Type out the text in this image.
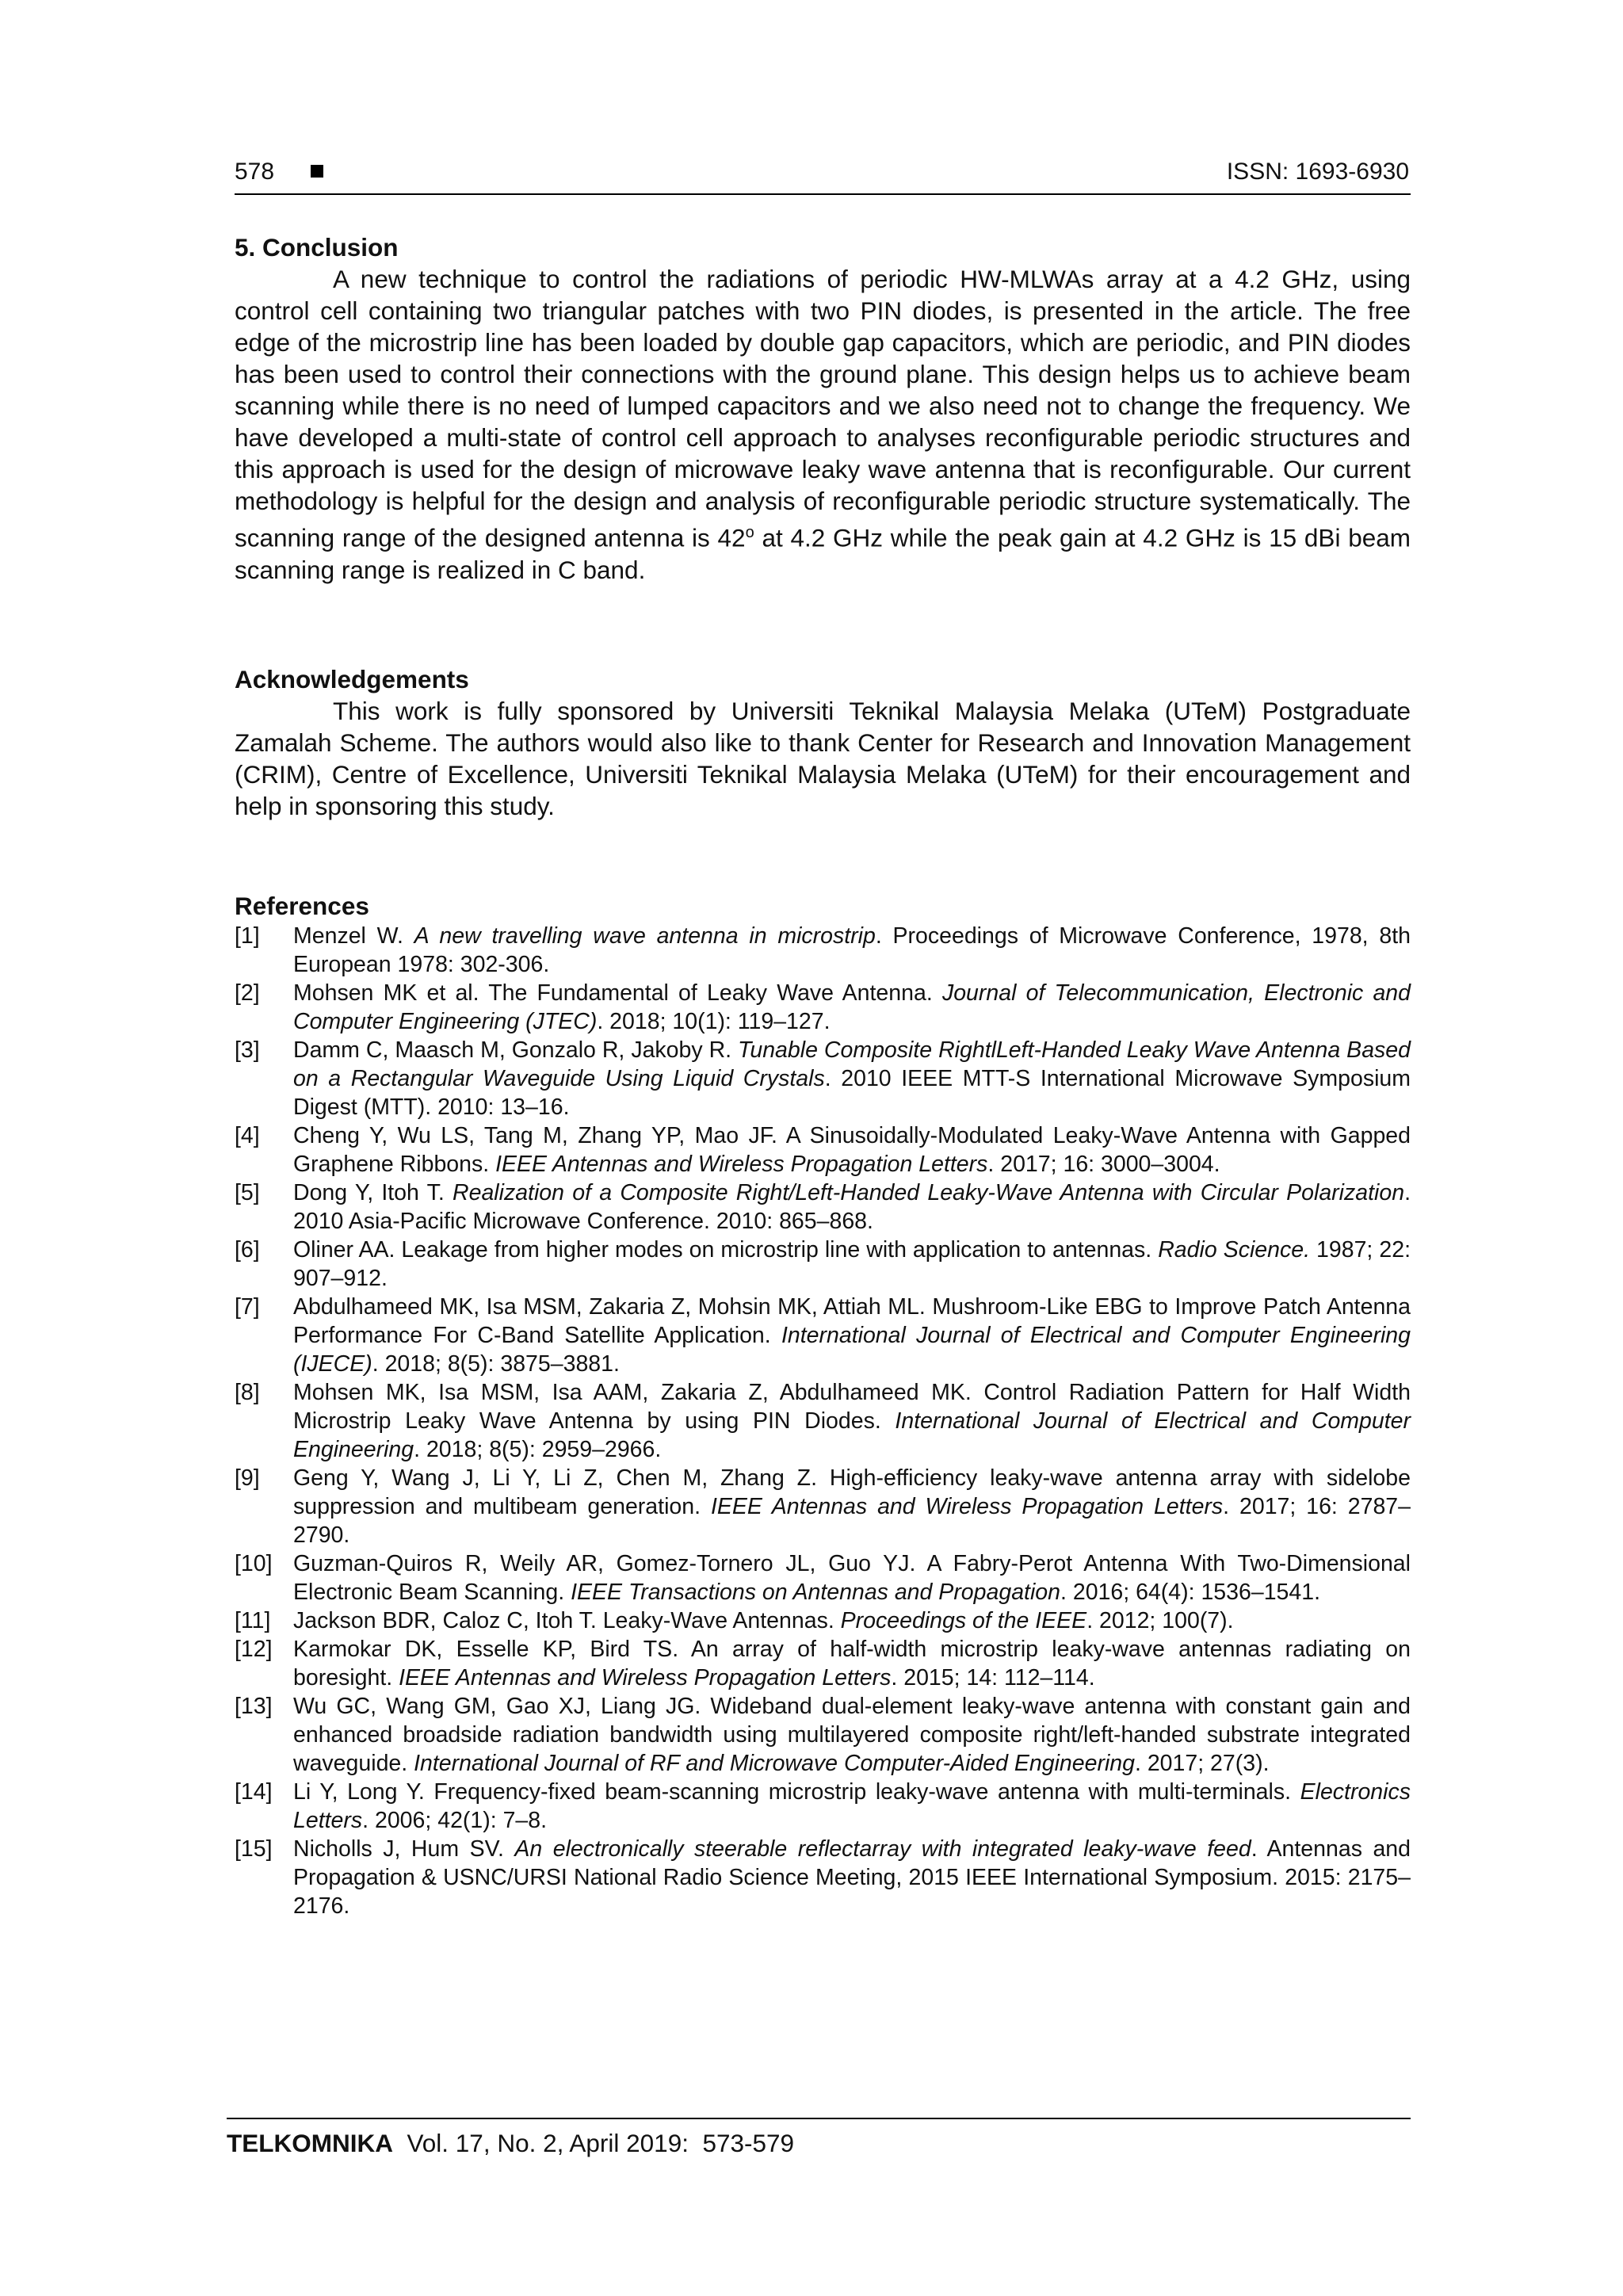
578	ISSN: 1693-6930
5. Conclusion

A new technique to control the radiations of periodic HW-MLWAs array at a 4.2 GHz, using control cell containing two triangular patches with two PIN diodes, is presented in the article. The free edge of the microstrip line has been loaded by double gap capacitors, which are periodic, and PIN diodes has been used to control their connections with the ground plane. This design helps us to achieve beam scanning while there is no need of lumped capacitors and we also need not to change the frequency. We have developed a multi-state of control cell approach to analyses reconfigurable periodic structures and this approach is used for the design of microwave leaky wave antenna that is reconfigurable. Our current methodology is helpful for the design and analysis of reconfigurable periodic structure systematically. The scanning range of the designed antenna is 42$^o$ at 4.2 GHz while the peak gain at 4.2 GHz is 15 dBi beam scanning range is realized in C band.

Acknowledgements

This work is fully sponsored by Universiti Teknikal Malaysia Melaka (UTeM) Postgraduate Zamalah Scheme. The authors would also like to thank Center for Research and Innovation Management (CRIM), Centre of Excellence, Universiti Teknikal Malaysia Melaka (UTeM) for their encouragement and help in sponsoring this study.

References
[1] Menzel W. A new travelling wave antenna in microstrip. Proceedings of Microwave Conference, 1978, 8th European 1978: 302-306.
[2] Mohsen MK et al. The Fundamental of Leaky Wave Antenna. Journal of Telecommunication, Electronic and Computer Engineering (JTEC). 2018; 10(1): 119–127.
[3] Damm C, Maasch M, Gonzalo R, Jakoby R. Tunable Composite RightlLeft-Handed Leaky Wave Antenna Based on a Rectangular Waveguide Using Liquid Crystals. 2010 IEEE MTT-S International Microwave Symposium Digest (MTT). 2010: 13–16.
[4] Cheng Y, Wu LS, Tang M, Zhang YP, Mao JF. A Sinusoidally-Modulated Leaky-Wave Antenna with Gapped Graphene Ribbons. IEEE Antennas and Wireless Propagation Letters. 2017; 16: 3000–3004.
[5] Dong Y, Itoh T. Realization of a Composite Right/Left-Handed Leaky-Wave Antenna with Circular Polarization. 2010 Asia-Pacific Microwave Conference. 2010: 865–868.
[6] Oliner AA. Leakage from higher modes on microstrip line with application to antennas. Radio Science. 1987; 22: 907–912.
[7] Abdulhameed MK, Isa MSM, Zakaria Z, Mohsin MK, Attiah ML. Mushroom-Like EBG to Improve Patch Antenna Performance For C-Band Satellite Application. International Journal of Electrical and Computer Engineering (IJECE). 2018; 8(5): 3875–3881.
[8] Mohsen MK, Isa MSM, Isa AAM, Zakaria Z, Abdulhameed MK. Control Radiation Pattern for Half Width Microstrip Leaky Wave Antenna by using PIN Diodes. International Journal of Electrical and Computer Engineering. 2018; 8(5): 2959–2966.
[9] Geng Y, Wang J, Li Y, Li Z, Chen M, Zhang Z. High-efficiency leaky-wave antenna array with sidelobe suppression and multibeam generation. IEEE Antennas and Wireless Propagation Letters. 2017; 16: 2787–2790.
[10] Guzman-Quiros R, Weily AR, Gomez-Tornero JL, Guo YJ. A Fabry-Perot Antenna With Two-Dimensional Electronic Beam Scanning. IEEE Transactions on Antennas and Propagation. 2016; 64(4): 1536–1541.
[11] Jackson BDR, Caloz C, Itoh T. Leaky-Wave Antennas. Proceedings of the IEEE. 2012; 100(7).
[12] Karmokar DK, Esselle KP, Bird TS. An array of half-width microstrip leaky-wave antennas radiating on boresight. IEEE Antennas and Wireless Propagation Letters. 2015; 14: 112–114.
[13] Wu GC, Wang GM, Gao XJ, Liang JG. Wideband dual-element leaky-wave antenna with constant gain and enhanced broadside radiation bandwidth using multilayered composite right/left-handed substrate integrated waveguide. International Journal of RF and Microwave Computer-Aided Engineering. 2017; 27(3).
[14] Li Y, Long Y. Frequency-fixed beam-scanning microstrip leaky-wave antenna with multi-terminals. Electronics Letters. 2006; 42(1): 7–8.
[15] Nicholls J, Hum SV. An electronically steerable reflectarray with integrated leaky-wave feed. Antennas and Propagation & USNC/URSI National Radio Science Meeting, 2015 IEEE International Symposium. 2015: 2175–2176.
TELKOMNIKA  Vol. 17, No. 2, April 2019:  573-579
